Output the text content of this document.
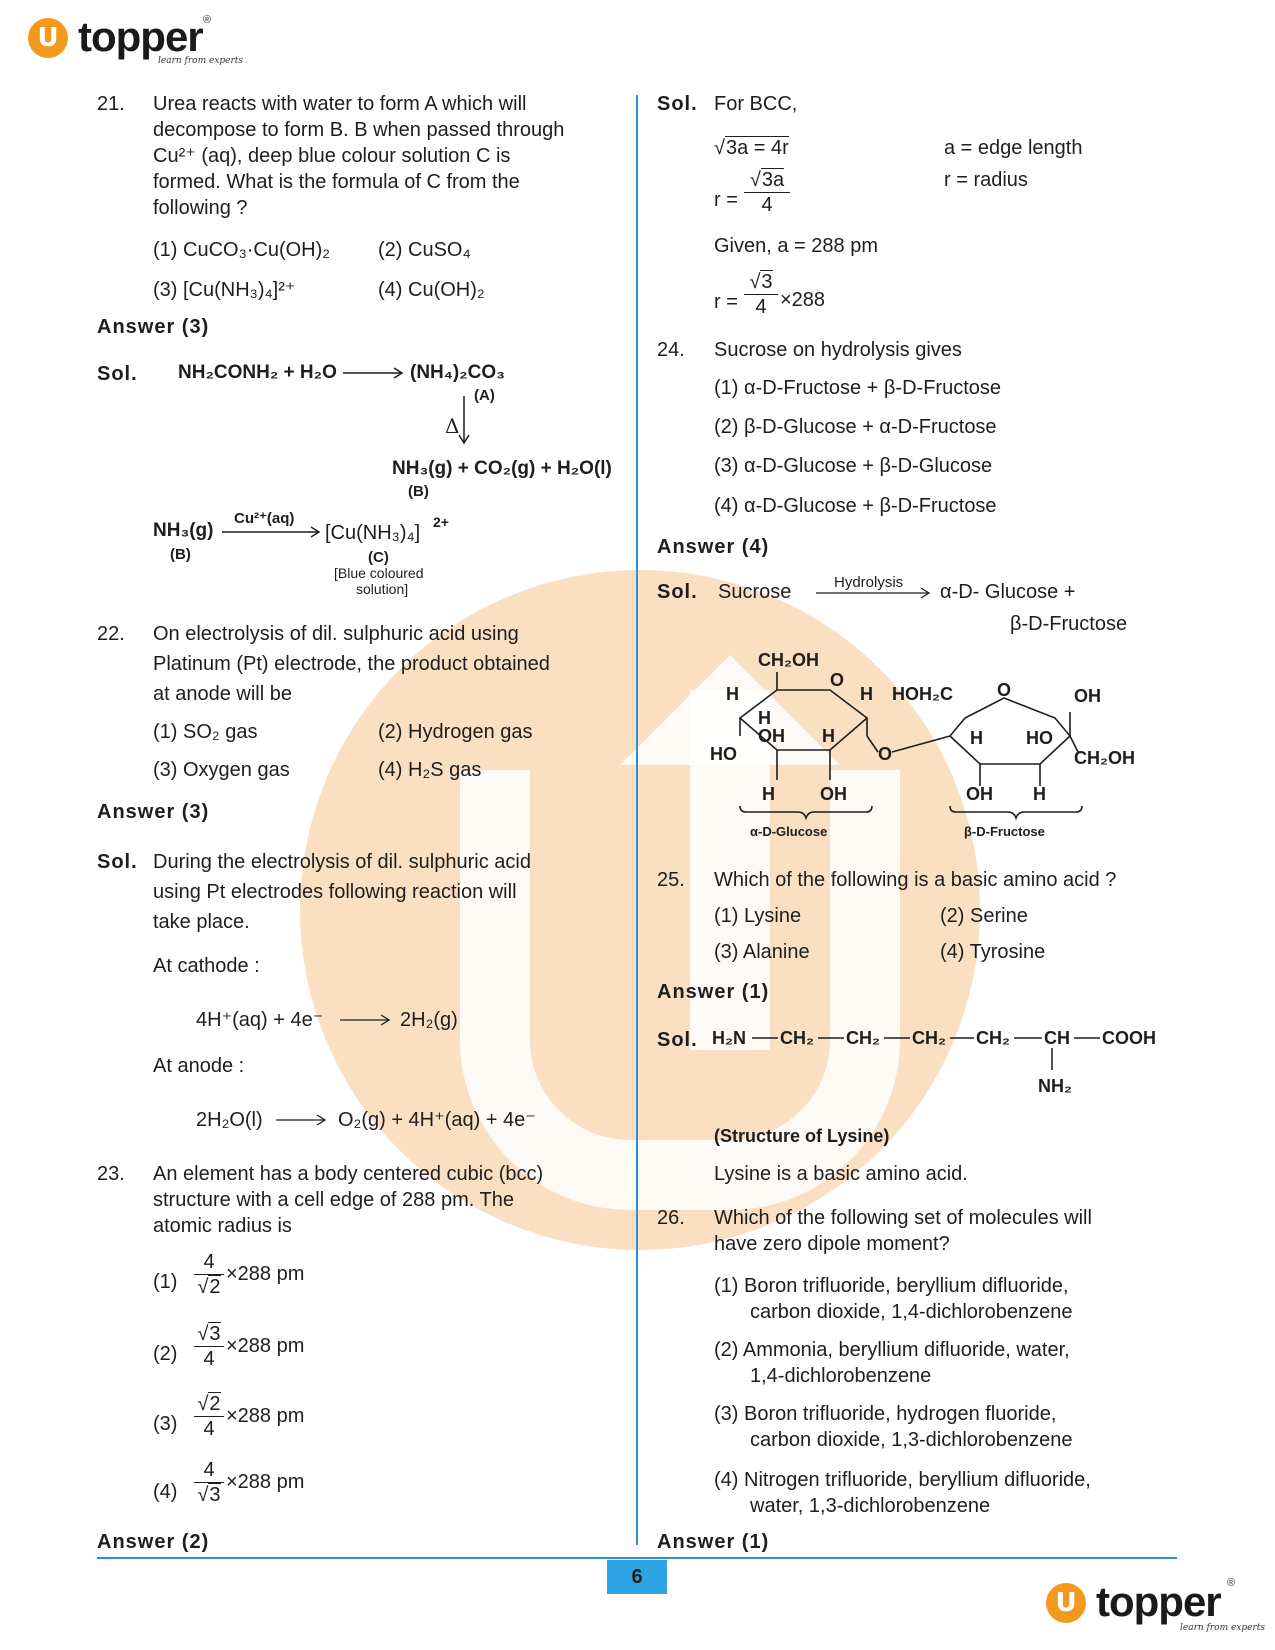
U topper ®
learn from experts
21. Urea reacts with water to form A which will
decompose to form B. B when passed through
Cu²⁺ (aq), deep blue colour solution C is
formed. What is the formula of C from the
following ?
(1) CuCO₃·Cu(OH)₂ (2) CuSO₄
(3) [Cu(NH₃)₄]²⁺	(4) Cu(OH)₂
Answer (3)
Sol. NH₂CONH₂ + H₂O → (NH₄)₂CO₃
(A)
Δ
NH₃(g) + CO₂(g) + H₂O(l)
(B)
NH₃(g)
(B)
Cu²⁺(aq)
[Cu(NH₃)₄] 2+
(C)
[Blue coloured
solution]
22. On electrolysis of dil. sulphuric acid using
Platinum (Pt) electrode, the product obtained
at anode will be
(1) SO₂ gas	(2) Hydrogen gas
(3) Oxygen gas	(4) H₂S gas
Answer (3)
Sol. During the electrolysis of dil. sulphuric acid
using Pt electrodes following reaction will
take place.
At cathode :
4H⁺(aq) + 4e⁻ → 2H₂(g)
At anode :
2H₂O(l) → O₂(g) + 4H⁺(aq) + 4e⁻
23. An element has a body centered cubic (bcc)
structure with a cell edge of 288 pm. The
atomic radius is
(1)
4
√2
×288 pm
(2)
√3
4
×288 pm
(3)
√2
4
×288 pm
(4)
4
√3
×288 pm
Answer (2)
Sol. For BCC,
√3a = 4r	a = edge length
r = radius
r =
√3a
4
Given, a = 288 pm
r =
√3
4 ×288
24. Sucrose on hydrolysis gives
(1) α-D-Fructose + β-D-Fructose
(2) β-D-Glucose + α-D-Fructose
(3) α-D-Glucose + β-D-Glucose
(4) α-D-Glucose + β-D-Fructose
Answer (4)
Sol. Sucrose	Hydrolysis α-D- Glucose +
β-D-Fructose
CH₂OH
O
H	H
H
OH H
HO
H	OH
HOH₂C
O
O	OH
H HO
CH₂OH
OH H
α-D-Glucose	β-D-Fructose
25. Which of the following is a basic amino acid ?
(1) Lysine	(2) Serine
(3) Alanine	(4) Tyrosine
Answer (1)
Sol. H₂N CH₂ CH₂ CH₂ CH₂ CH COOH
NH₂
(Structure of Lysine)
Lysine is a basic amino acid.
26. Which of the following set of molecules will
have zero dipole moment?
(1) Boron trifluoride, beryllium difluoride,
carbon dioxide, 1,4-dichlorobenzene
(2) Ammonia, beryllium difluoride, water,
1,4-dichlorobenzene
(3) Boron trifluoride, hydrogen fluoride,
carbon dioxide, 1,3-dichlorobenzene
(4) Nitrogen trifluoride, beryllium difluoride,
water, 1,3-dichlorobenzene
Answer (1)
6
U topper ®
learn from experts
